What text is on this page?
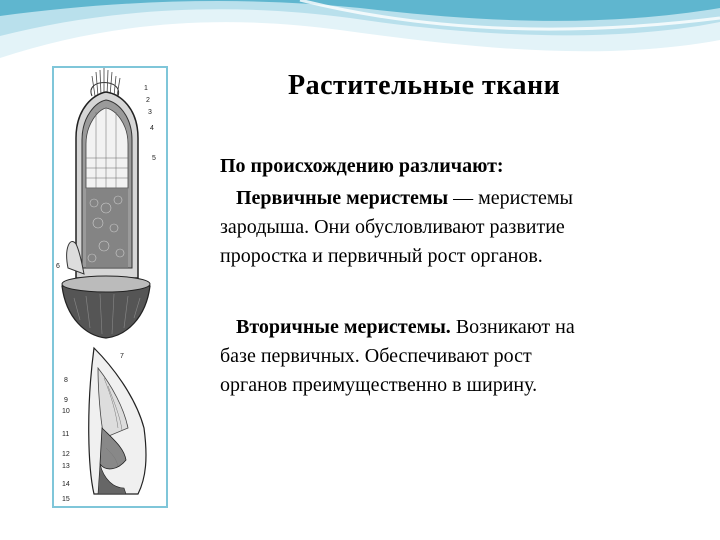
1
2
3
4
5
6
7
8
9
10
11
12
13
14
15
Растительные ткани
По происхождению различают:
Первичные меристемы — меристемы
зародыша. Они обусловливают развитие
проростка и первичный рост органов.
Вторичные меристемы. Возникают на
базе первичных. Обеспечивают рост
органов преимущественно в ширину.
